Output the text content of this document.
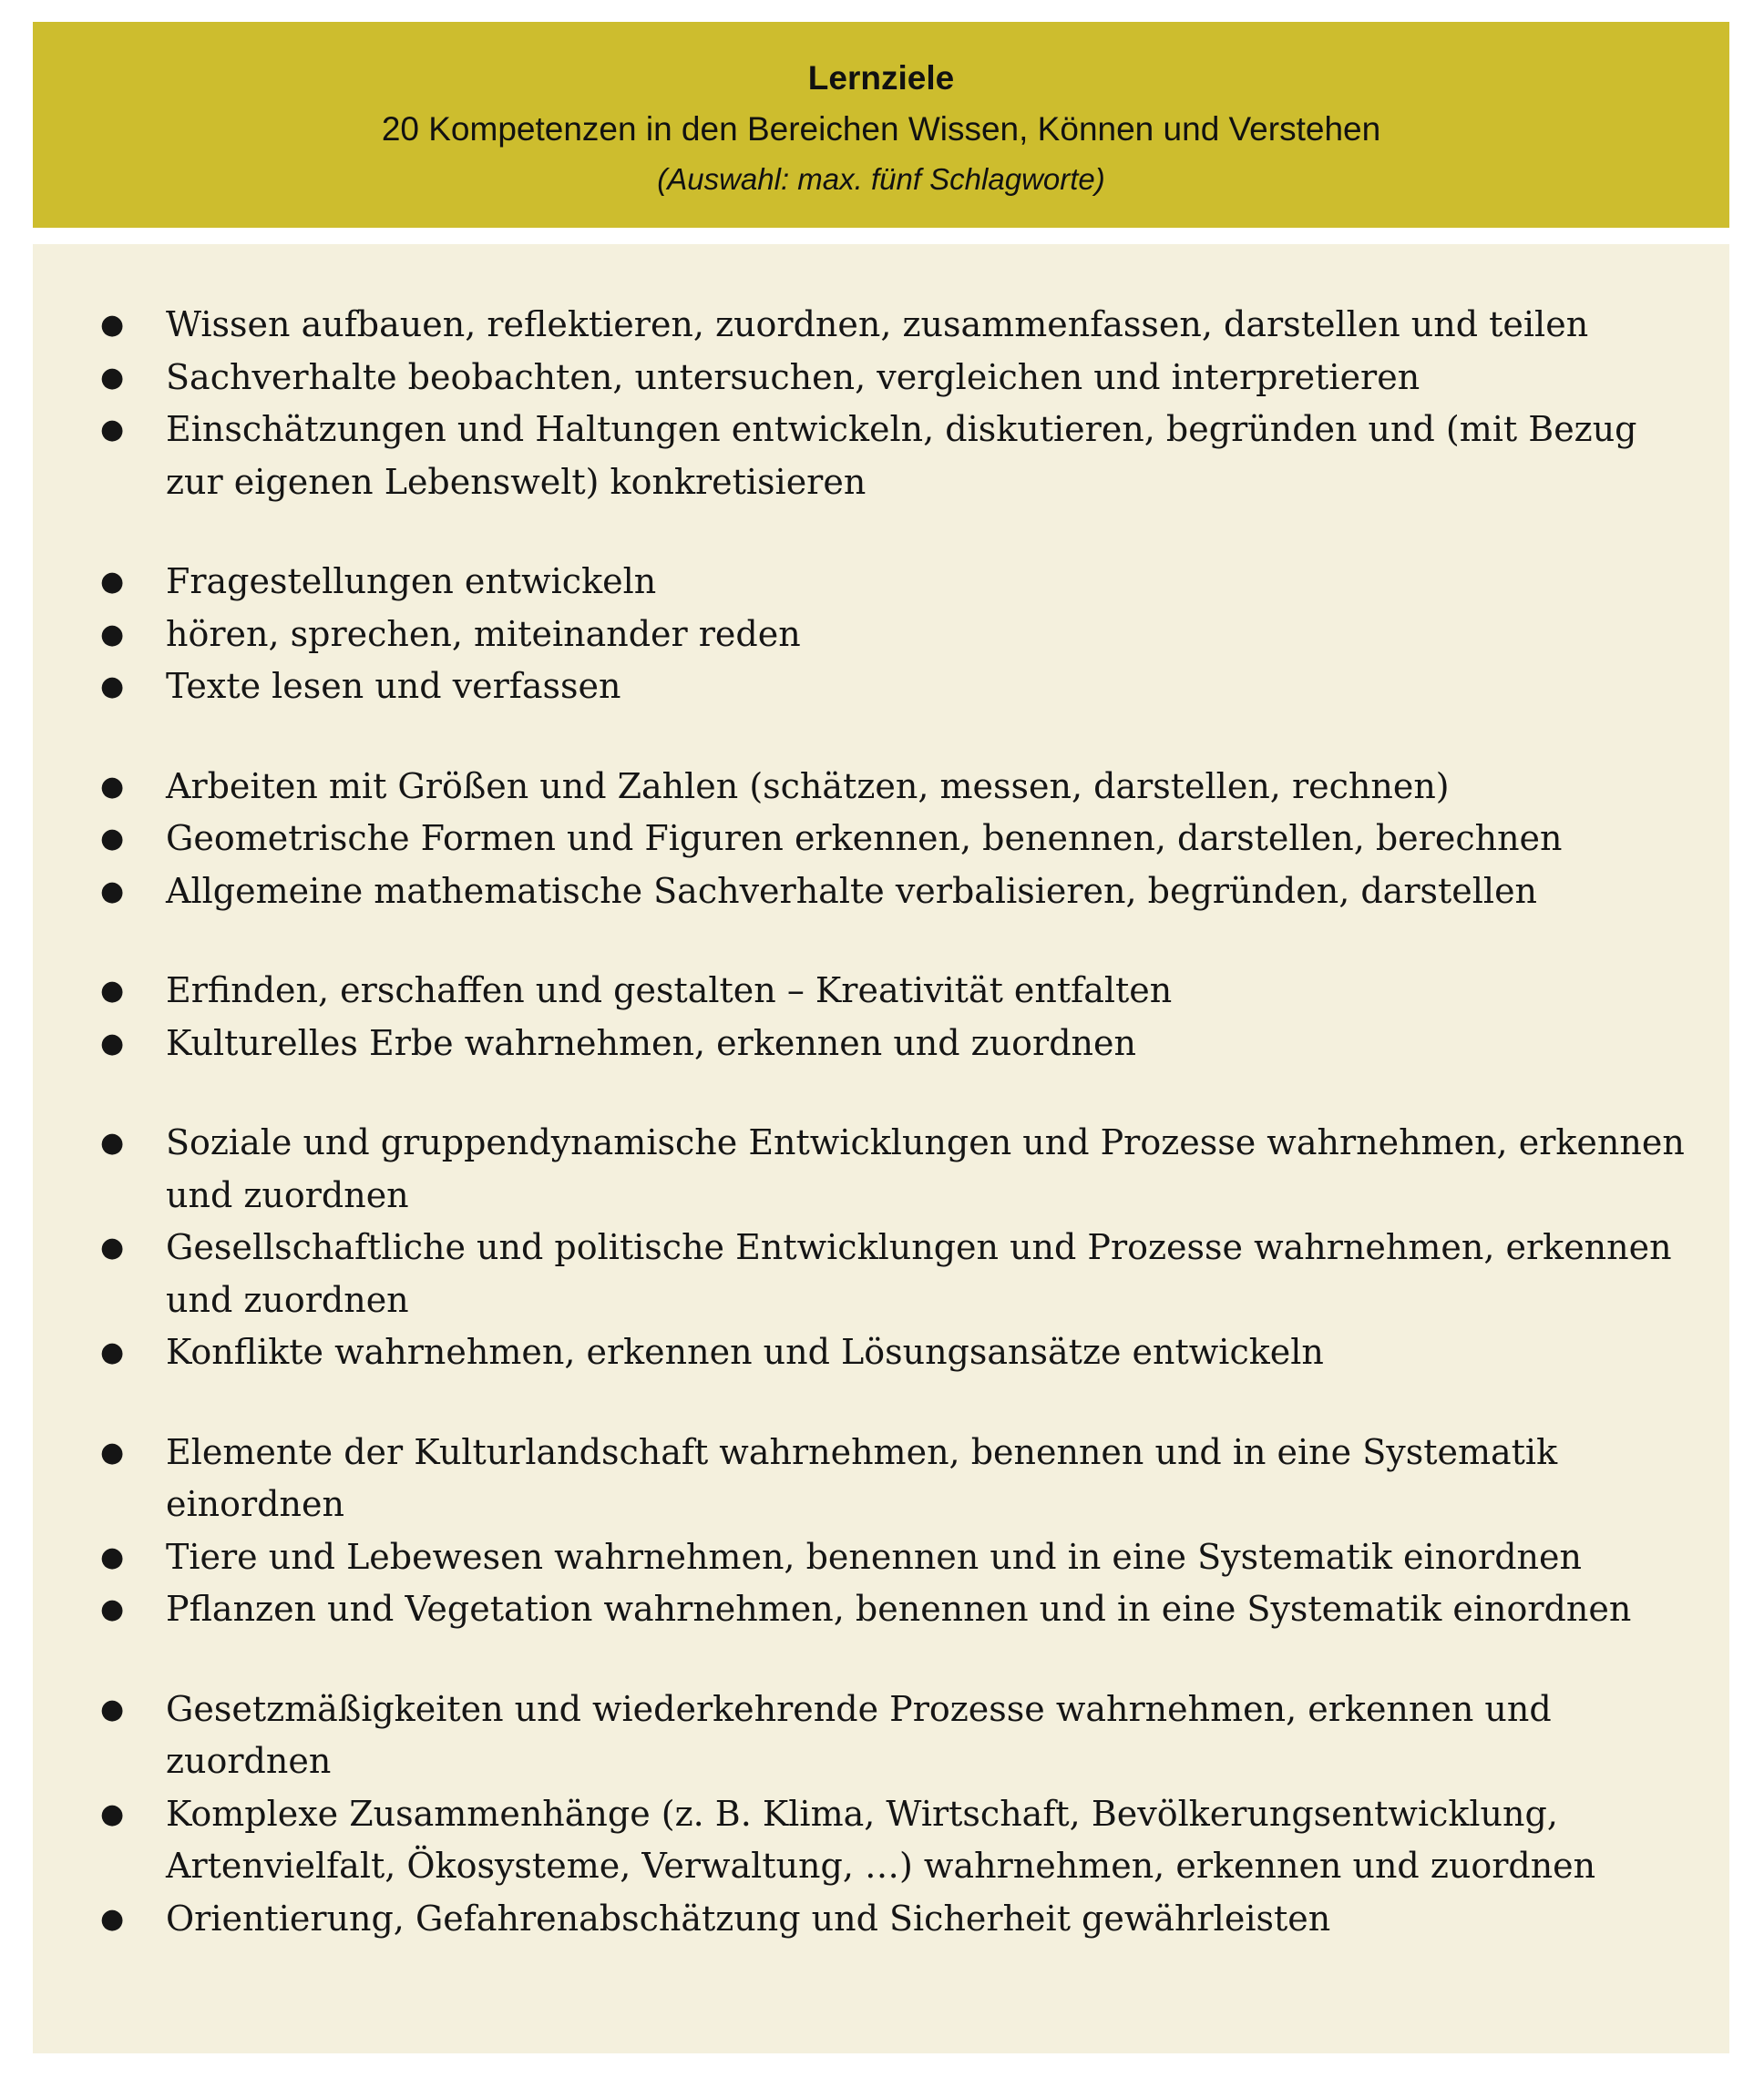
Lernziele
20 Kompetenzen in den Bereichen Wissen, Können und Verstehen
(Auswahl: max. fünf Schlagworte)
● Wissen aufbauen, reflektieren, zuordnen, zusammenfassen, darstellen und teilen
● Sachverhalte beobachten, untersuchen, vergleichen und interpretieren
● Einschätzungen und Haltungen entwickeln, diskutieren, begründen und (mit Bezug zur eigenen Lebenswelt) konkretisieren
● Fragestellungen entwickeln
● hören, sprechen, miteinander reden
● Texte lesen und verfassen
● Arbeiten mit Größen und Zahlen (schätzen, messen, darstellen, rechnen)
● Geometrische Formen und Figuren erkennen, benennen, darstellen, berechnen
● Allgemeine mathematische Sachverhalte verbalisieren, begründen, darstellen
● Erfinden, erschaffen und gestalten – Kreativität entfalten
● Kulturelles Erbe wahrnehmen, erkennen und zuordnen
● Soziale und gruppendynamische Entwicklungen und Prozesse wahrnehmen, erkennen und zuordnen
● Gesellschaftliche und politische Entwicklungen und Prozesse wahrnehmen, erkennen und zuordnen
● Konflikte wahrnehmen, erkennen und Lösungsansätze entwickeln
● Elemente der Kulturlandschaft wahrnehmen, benennen und in eine Systematik einordnen
● Tiere und Lebewesen wahrnehmen, benennen und in eine Systematik einordnen
● Pflanzen und Vegetation wahrnehmen, benennen und in eine Systematik einordnen
● Gesetzmäßigkeiten und wiederkehrende Prozesse wahrnehmen, erkennen und zuordnen
● Komplexe Zusammenhänge (z. B. Klima, Wirtschaft, Bevölkerungsentwicklung, Artenvielfalt, Ökosysteme, Verwaltung, …) wahrnehmen, erkennen und zuordnen
● Orientierung, Gefahrenabschätzung und Sicherheit gewährleisten
